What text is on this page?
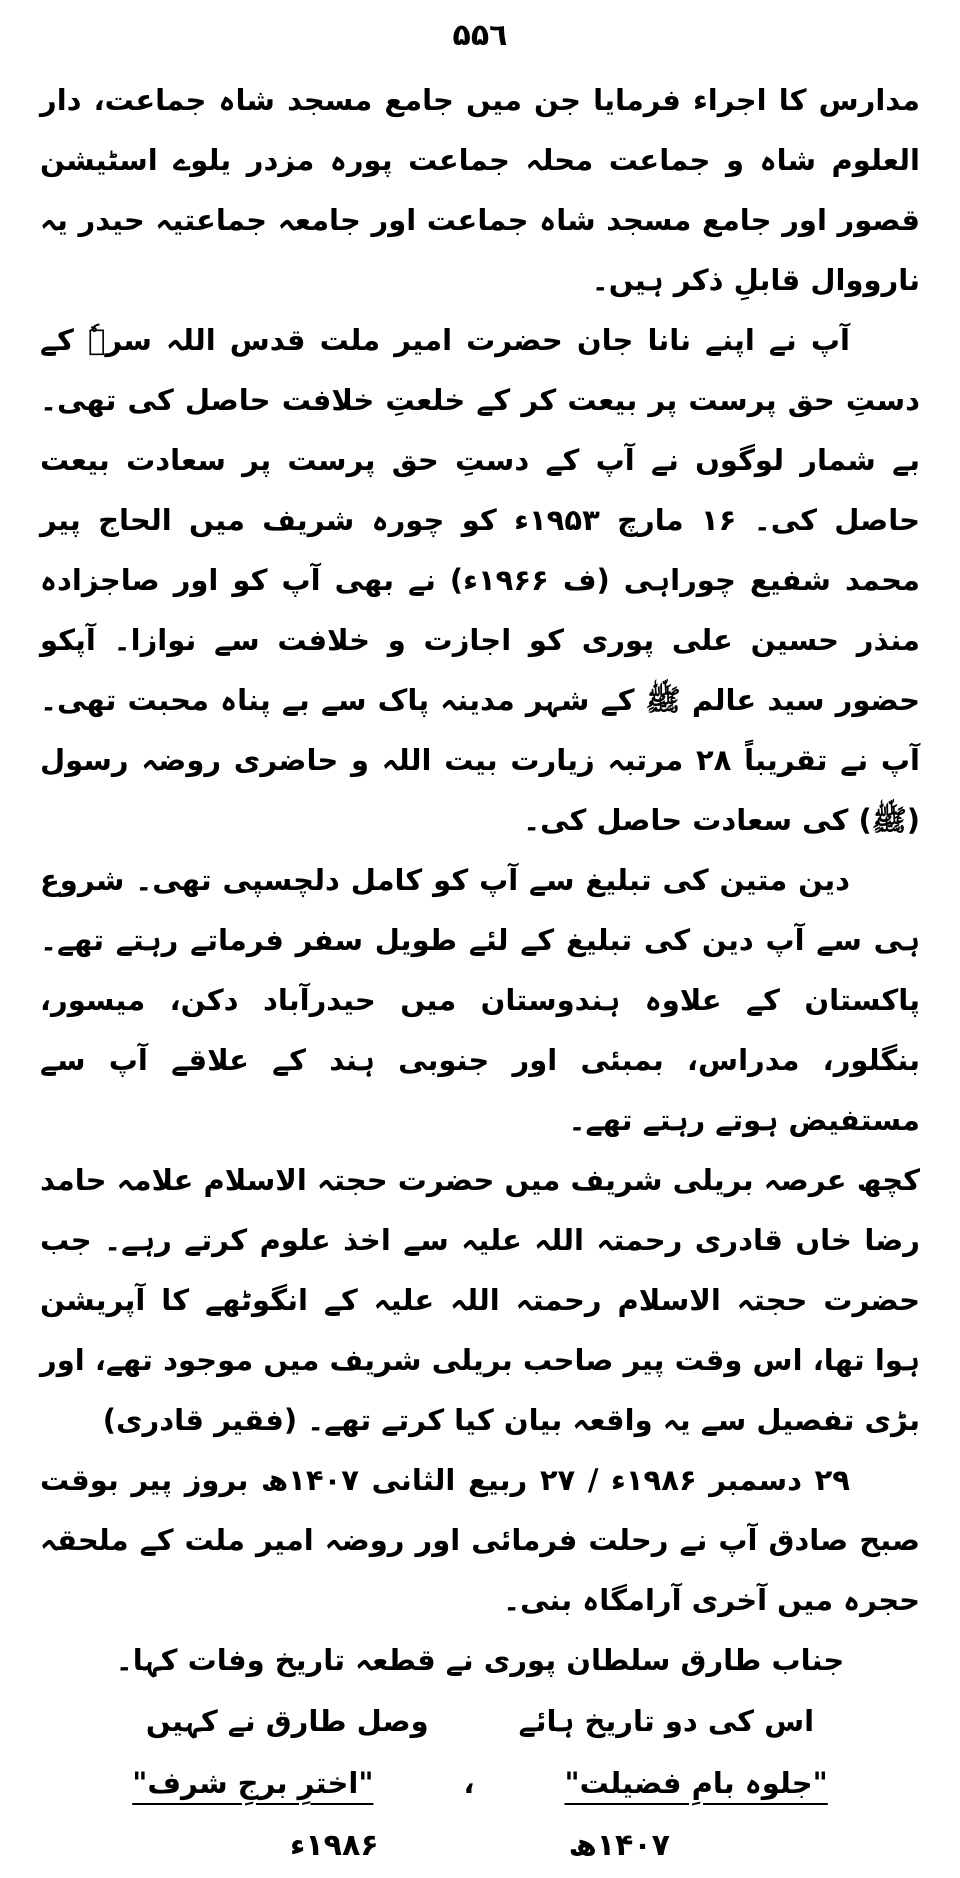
۵۵٦

مدارس کا اجراء فرمایا جن میں جامع مسجد شاہ جماعت، دار العلوم شاہ و جماعت محلہ جماعت پورہ مزدر یلوے اسٹیشن قصور اور جامع مسجد شاہ جماعت اور جامعہ جماعتیہ حیدر یہ نارووال قابلِ ذکر ہیں۔

آپ نے اپنے نانا جان حضرت امیر ملت قدس اللہ سرہٗ کے دستِ حق پرست پر بیعت کر کے خلعتِ خلافت حاصل کی تھی۔ بے شمار لوگوں نے آپ کے دستِ حق پرست پر سعادت بیعت حاصل کی۔ ۱۶ مارچ ۱۹۵۳ء کو چورہ شریف میں الحاج پیر محمد شفیع چوراہی (ف ۱۹۶۶ء) نے بھی آپ کو اور صاجزادہ منذر حسین علی پوری کو اجازت و خلافت سے نوازا۔ آپکو حضور سید عالم ﷺ کے شہر مدینہ پاک سے بے پناہ محبت تھی۔ آپ نے تقریباً ۲۸ مرتبہ زیارت بیت اللہ و حاضری روضہ رسول (ﷺ) کی سعادت حاصل کی۔

دین متین کی تبلیغ سے آپ کو کامل دلچسپی تھی۔ شروع ہی سے آپ دین کی تبلیغ کے لئے طویل سفر فرماتے رہتے تھے۔ پاکستان کے علاوہ ہندوستان میں حیدرآباد دکن، میسور، بنگلور، مدراس، بمبئی اور جنوبی ہند کے علاقے آپ سے مستفیض ہوتے رہتے تھے۔

کچھ عرصہ بریلی شریف میں حضرت حجتہ الاسلام علامہ حامد رضا خاں قادری رحمتہ اللہ علیہ سے اخذ علوم کرتے رہے۔ جب حضرت حجتہ الاسلام رحمتہ اللہ علیہ کے انگوٹھے کا آپریشن ہوا تھا، اس وقت پیر صاحب بریلی شریف میں موجود تھے، اور بڑی تفصیل سے یہ واقعہ بیان کیا کرتے تھے۔ (فقیر قادری)

۲۹ دسمبر ۱۹۸۶ء / ۲۷ ربیع الثانی ۱۴۰۷ھ بروز پیر بوقت صبح صادق آپ نے رحلت فرمائی اور روضہ امیر ملت کے ملحقہ حجرہ میں آخری آرامگاہ بنی۔

جناب طارق سلطان پوری نے قطعہ تاریخ وفات کہا۔

اس کی دو تاریخ ہائے
وصل طارق نے کہیں
"جلوہ بامِ فضیلت"
،
"اخترِ برجِ شرف"
۱۴۰۷ھ
۱۹۸۶ء
